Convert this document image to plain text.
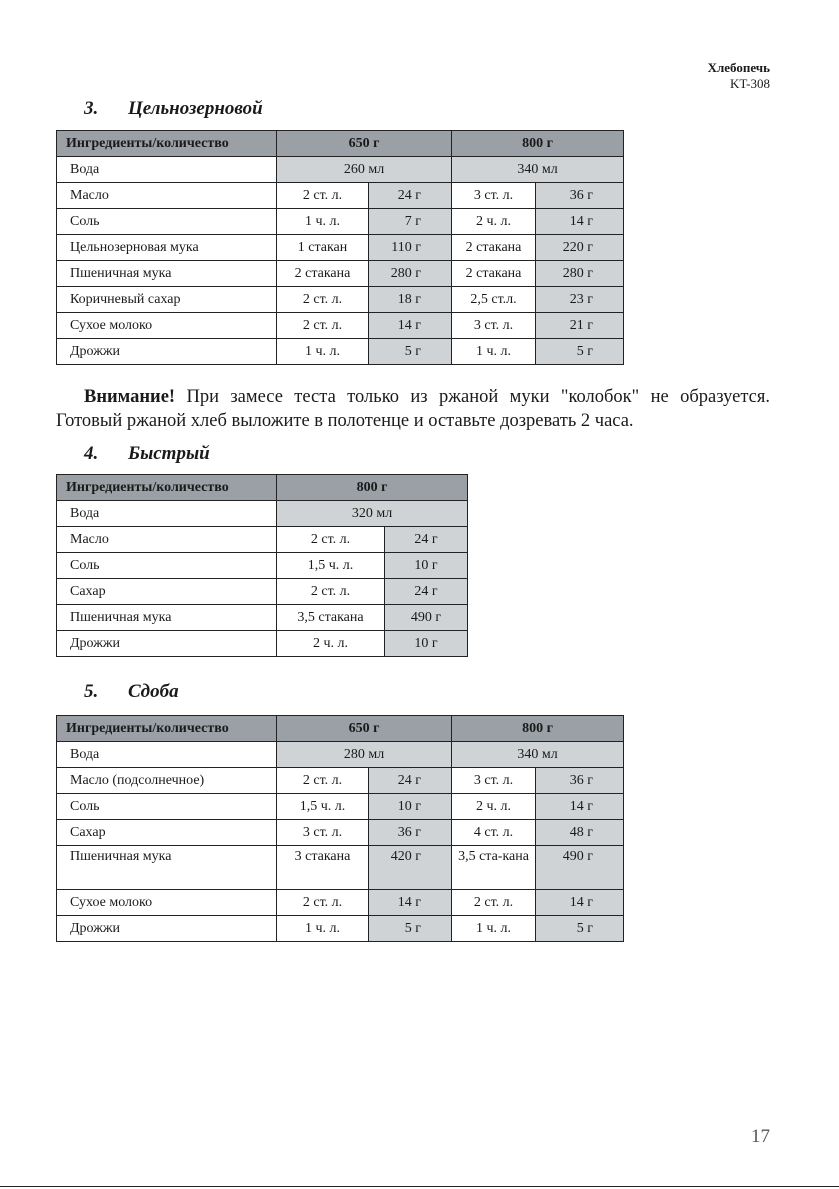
Хлебопечь
KT-308
3. Цельнозерновой
Ингредиенты/количество	650 г		800 г	
Вода	260 мл		340 мл	
Масло	2 ст. л.	24 г	3 ст. л.	36 г
Соль	1 ч. л.	7 г	2 ч. л.	14 г
Цельнозерновая мука	1 стакан	110 г	2 стакана	220 г
Пшеничная мука	2 стакана	280 г	2 стакана	280 г
Коричневый сахар	2 ст. л.	18 г	2,5 ст.л.	23 г
Сухое молоко	2 ст. л.	14 г	3 ст. л.	21 г
Дрожжи	1 ч. л.	5 г	1 ч. л.	5 г
Внимание! При замесе теста только из ржаной муки "колобок" не образуется. Готовый ржаной хлеб выложите в полотенце и оставьте дозревать 2 часа.
4. Быстрый
Ингредиенты/количество	800 г	
Вода	320 мл	
Масло	2 ст. л.	24 г
Соль	1,5 ч. л.	10 г
Сахар	2 ст. л.	24 г
Пшеничная мука	3,5 стакана	490 г
Дрожжи	2 ч. л.	10 г
5. Сдоба
Ингредиенты/количество	650 г		800 г	
Вода	280 мл		340 мл	
Масло (подсолнечное)	2 ст. л.	24 г	3 ст. л.	36 г
Соль	1,5 ч. л.	10 г	2 ч. л.	14 г
Сахар	3 ст. л.	36 г	4 ст. л.	48 г
Пшеничная мука	3 стакана	420 г	3,5 ста-кана	490 г
Сухое молоко	2 ст. л.	14 г	2 ст. л.	14 г
Дрожжи	1 ч. л.	5 г	1 ч. л.	5 г
17
